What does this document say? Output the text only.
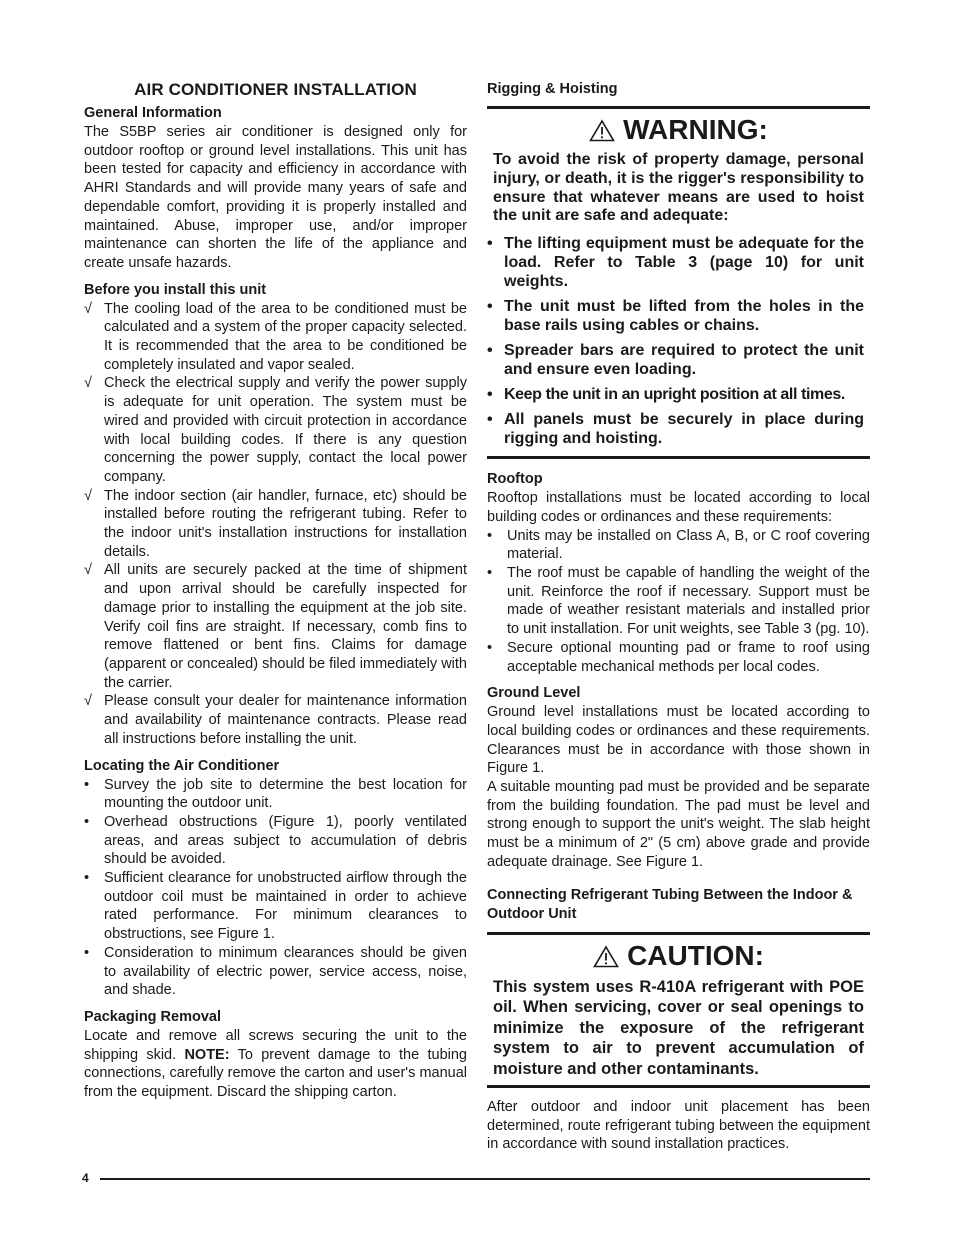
AIR CONDITIONER INSTALLATION
General Information
The S5BP series air conditioner is designed only for outdoor rooftop or ground level installations. This unit has been tested for capacity and efficiency in accordance with AHRI Standards and will provide many years of safe and dependable comfort, providing it is properly installed and maintained. Abuse, improper use, and/or improper maintenance can shorten the life of the appliance and create unsafe hazards.
Before you install this unit
√ The cooling load of the area to be conditioned must be calculated and a system of the proper capacity selected. It is recommended that the area to be conditioned be completely insulated and vapor sealed.
√ Check the electrical supply and verify the power supply is adequate for unit operation. The system must be wired and provided with circuit protection in accordance with local building codes. If there is any question concerning the power supply, contact the local power company.
√ The indoor section (air handler, furnace, etc) should be installed before routing the refrigerant tubing. Refer to the indoor unit's installation instructions for installation details.
√ All units are securely packed at the time of shipment and upon arrival should be carefully inspected for damage prior to installing the equipment at the job site. Verify coil fins are straight. If necessary, comb fins to remove flattened or bent fins. Claims for damage (apparent or concealed) should be filed immediately with the carrier.
√ Please consult your dealer for maintenance information and availability of maintenance contracts. Please read all instructions before installing the unit.
Locating the Air Conditioner
• Survey the job site to determine the best location for mounting the outdoor unit.
• Overhead obstructions (Figure 1), poorly ventilated areas, and areas subject to accumulation of debris should be avoided.
• Sufficient clearance for unobstructed airflow through the outdoor coil must be maintained in order to achieve rated performance. For minimum clearances to obstructions, see Figure 1.
• Consideration to minimum clearances should be given to availability of electric power, service access, noise, and shade.
Packaging Removal
Locate and remove all screws securing the unit to the shipping skid. NOTE: To prevent damage to the tubing connections, carefully remove the carton and user's manual from the equipment. Discard the shipping carton.
Rigging & Hoisting
WARNING:
To avoid the risk of property damage, personal injury, or death, it is the rigger's responsibility to ensure that whatever means are used to hoist the unit are safe and adequate:
• The lifting equipment must be adequate for the load. Refer to Table 3 (page 10) for unit weights.
• The unit must be lifted from the holes in the base rails using cables or chains.
• Spreader bars are required to protect the unit and ensure even loading.
• Keep the unit in an upright position at all times.
• All panels must be securely in place during rigging and hoisting.
Rooftop
Rooftop installations must be located according to local building codes or ordinances and these requirements:
• Units may be installed on Class A, B, or C roof covering material.
• The roof must be capable of handling the weight of the unit. Reinforce the roof if necessary. Support must be made of weather resistant materials and installed prior to unit installation. For unit weights, see Table 3 (pg. 10).
• Secure optional mounting pad or frame to roof using acceptable mechanical methods per local codes.
Ground Level
Ground level installations must be located according to local building codes or ordinances and these requirements. Clearances must be in accordance with those shown in Figure 1.
A suitable mounting pad must be provided and be separate from the building foundation. The pad must be level and strong enough to support the unit's weight. The slab height must be a minimum of 2" (5 cm) above grade and provide adequate drainage. See Figure 1.
Connecting Refrigerant Tubing Between the Indoor & Outdoor Unit
CAUTION:
This system uses R-410A refrigerant with POE oil. When servicing, cover or seal openings to minimize the exposure of the refrigerant system to air to prevent accumulation of moisture and other contaminants.
After outdoor and indoor unit placement has been determined, route refrigerant tubing between the equipment in accordance with sound installation practices.
4
